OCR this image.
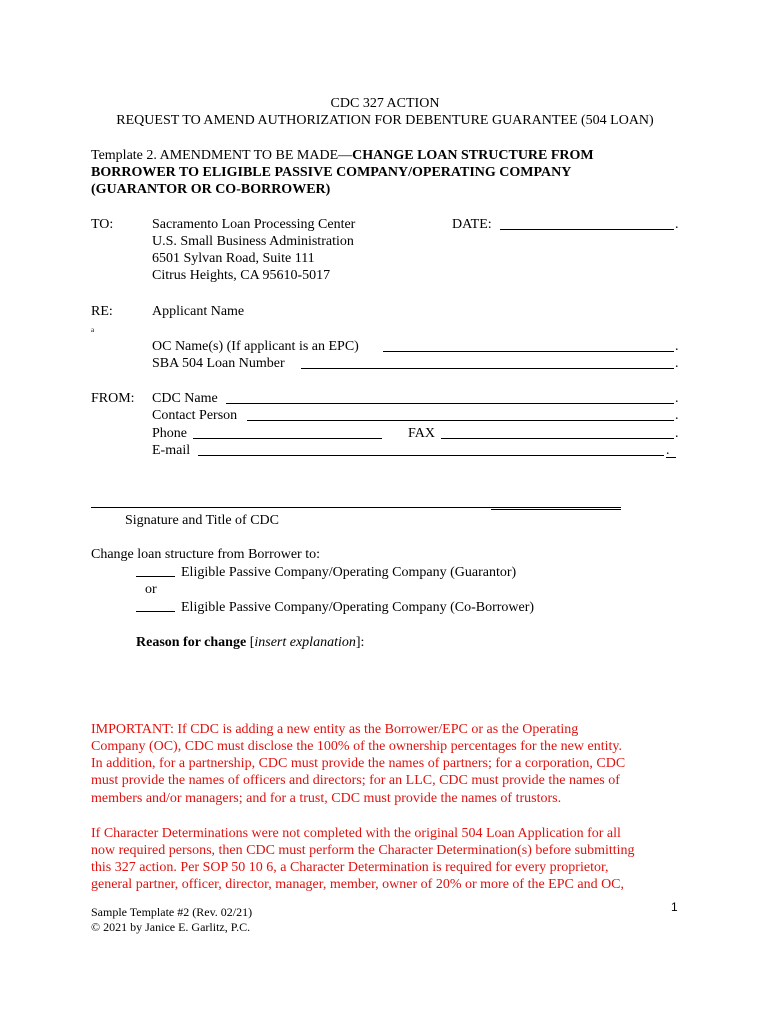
CDC 327 ACTION
REQUEST TO AMEND AUTHORIZATION FOR DEBENTURE GUARANTEE (504 LOAN)
Template 2. AMENDMENT TO BE MADE—CHANGE LOAN STRUCTURE FROM
BORROWER TO ELIGIBLE PASSIVE COMPANY/OPERATING COMPANY
(GUARANTOR OR CO-BORROWER)
TO:	Sacramento Loan Processing Center
U.S. Small Business Administration
6501 Sylvan Road, Suite 111
Citrus Heights, CA 95610-5017
DATE:	.
RE:	Applicant Name
a
OC Name(s) (If applicant is an EPC)	.
SBA 504 Loan Number	.
FROM: CDC Name	.
Contact Person	.
Phone	FAX	.
E-mail	.
Signature and Title of CDC
Change loan structure from Borrower to:
Eligible Passive Company/Operating Company (Guarantor)
or
Eligible Passive Company/Operating Company (Co-Borrower)
Reason for change [insert explanation]:
IMPORTANT: If CDC is adding a new entity as the Borrower/EPC or as the Operating
Company (OC), CDC must disclose the 100% of the ownership percentages for the new entity.
In addition, for a partnership, CDC must provide the names of partners; for a corporation, CDC
must provide the names of officers and directors; for an LLC, CDC must provide the names of
members and/or managers; and for a trust, CDC must provide the names of trustors.
If Character Determinations were not completed with the original 504 Loan Application for all
now required persons, then CDC must perform the Character Determination(s) before submitting
this 327 action. Per SOP 50 10 6, a Character Determination is required for every proprietor,
general partner, officer, director, manager, member, owner of 20% or more of the EPC and OC,
Sample Template #2 (Rev. 02/21)
© 2021 by Janice E. Garlitz, P.C.
1
